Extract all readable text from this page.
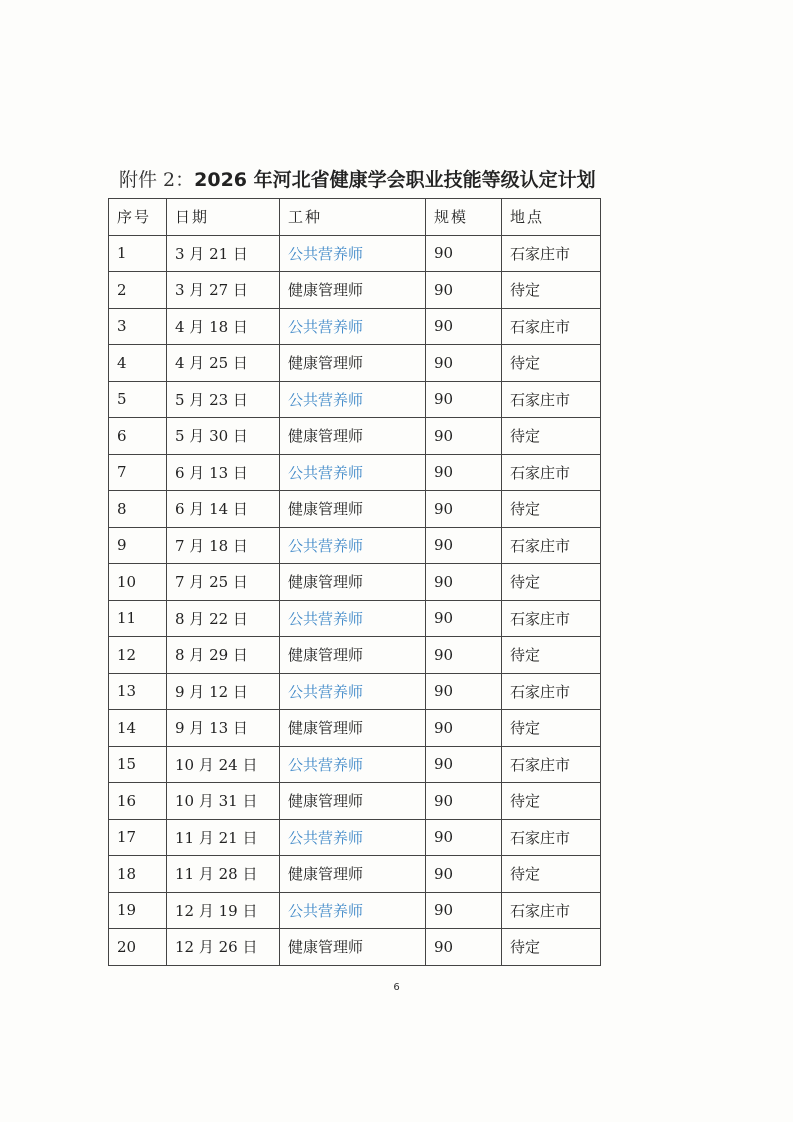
附件 2：2026 年河北省健康学会职业技能等级认定计划
序号	日期	工种	规模	地点
1	3 月 21 日	公共营养师	90	石家庄市
2	3 月 27 日	健康管理师	90	待定
3	4 月 18 日	公共营养师	90	石家庄市
4	4 月 25 日	健康管理师	90	待定
5	5 月 23 日	公共营养师	90	石家庄市
6	5 月 30 日	健康管理师	90	待定
7	6 月 13 日	公共营养师	90	石家庄市
8	6 月 14 日	健康管理师	90	待定
9	7 月 18 日	公共营养师	90	石家庄市
10	7 月 25 日	健康管理师	90	待定
11	8 月 22 日	公共营养师	90	石家庄市
12	8 月 29 日	健康管理师	90	待定
13	9 月 12 日	公共营养师	90	石家庄市
14	9 月 13 日	健康管理师	90	待定
15	10 月 24 日	公共营养师	90	石家庄市
16	10 月 31 日	健康管理师	90	待定
17	11 月 21 日	公共营养师	90	石家庄市
18	11 月 28 日	健康管理师	90	待定
19	12 月 19 日	公共营养师	90	石家庄市
20	12 月 26 日	健康管理师	90	待定
6
